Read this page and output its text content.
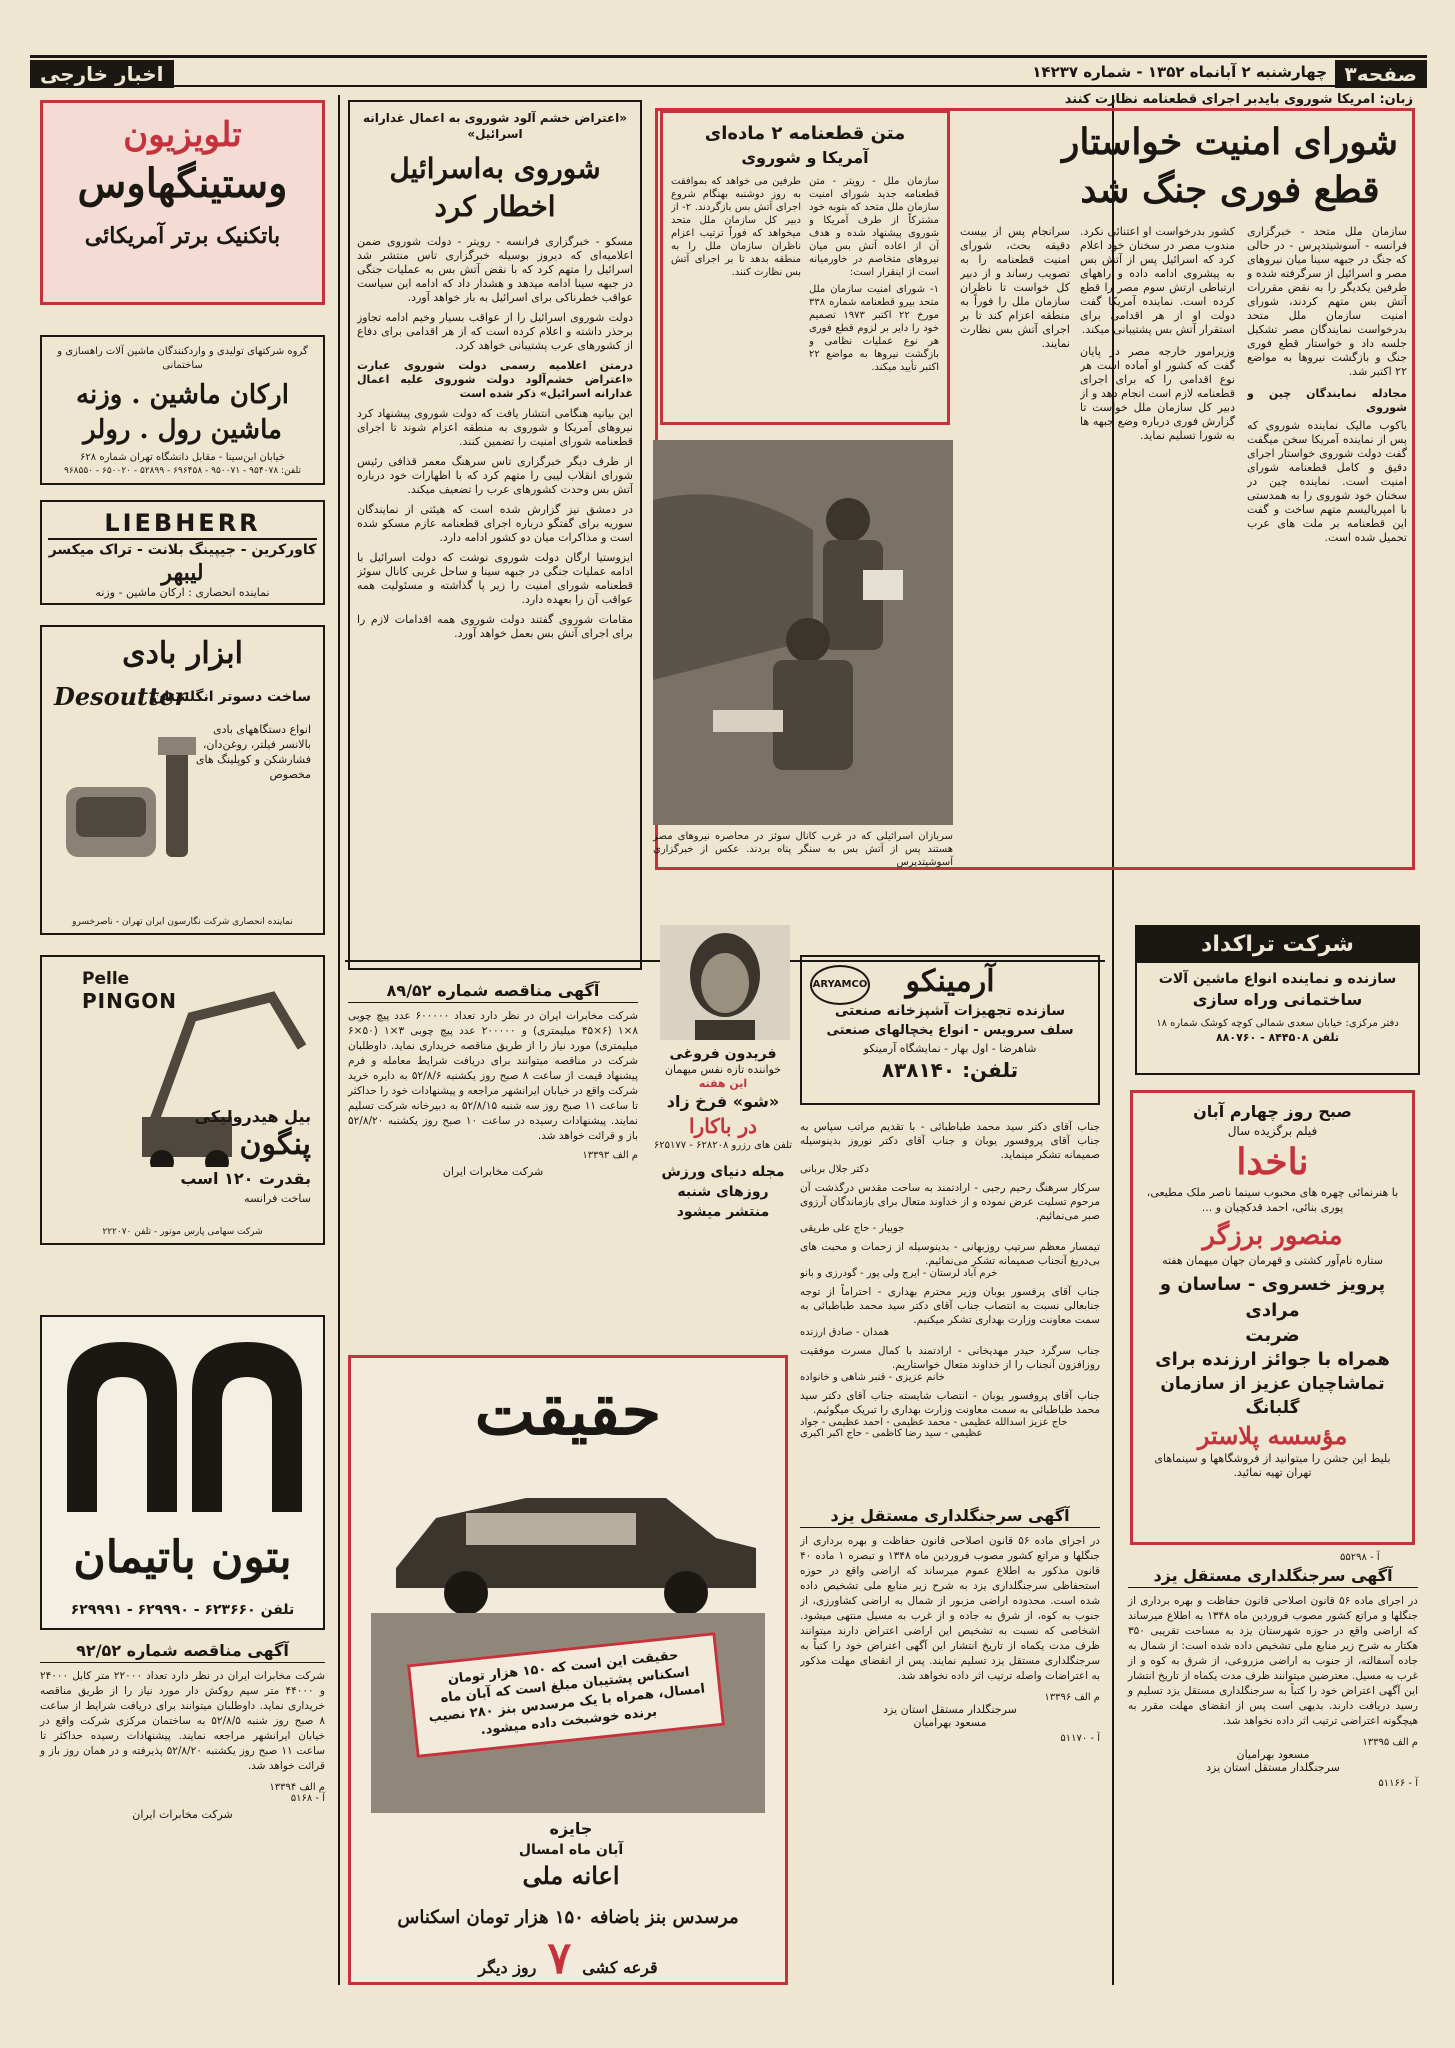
صفحه۳
چهارشنبه ۲ آبانماه ۱۳۵۲ - شماره ۱۴۲۳۷
اخبار خارجی
تلویزیون
وستینگهاوس
باتکنیک برتر آمریکائی
گروه شرکتهای تولیدی و واردکنندگان ماشین آلات راهسازی و ساختمانی
ارکان ماشین . وزنه
ماشین رول . رولر
خیابان ابن‌سینا - مقابل دانشگاه تهران شماره ۶۲۸
تلفن: ۹۵۴۰۷۸ - ۹۵۰۰۷۱ - ۶۹۶۴۵۸ - ۵۲۸۹۹ - ۶۵۰۰۲۰ - ۹۶۸۵۵۰
LIEBHERR
کاورکرین - جیپینگ بلانت - تراک میکسر
لیبهر
نماینده انحصاری : ارکان ماشین - وزنه
ابزار بادی
Desoutter
ساخت دسوتر انگلستان
انواع دستگاههای بادی بالانسر فیلتر، روغن‌دان، فشارشکن و کوپلینگ های مخصوص
نماینده انحصاری شرکت نگارسون ایران تهران - ناصرخسرو
Pelle
PINGON
بیل هیدرولیکی
پنگون
بقدرت ۱۲۰ اسب
ساخت فرانسه
شرکت سهامی پارس موتور - تلفن ۲۲۲۰۷۰
بتون باتیمان
تلفن ۶۲۳۶۶۰ - ۶۲۹۹۹۰ - ۶۲۹۹۹۱
آگهی مناقصه شماره ۹۲/۵۲
شرکت مخابرات ایران در نظر دارد تعداد ۲۲۰۰۰ متر کابل ۲۴۰۰۰ و ۴۴۰۰۰ متر سیم روکش دار مورد نیاز را از طریق مناقصه خریداری نماید. داوطلبان میتوانند برای دریافت شرایط از ساعت ۸ صبح روز شنبه ۵۲/۸/۵ به ساختمان مرکزی شرکت واقع در خیابان ایرانشهر مراجعه نمایند. پیشنهادات رسیده حداکثر تا ساعت ۱۱ صبح روز یکشنبه ۵۲/۸/۲۰ پذیرفته و در همان روز باز و قرائت خواهد شد.
م الف ۱۳۳۹۴
آ - ۵۱۶۸
شرکت مخابرات ایران
زبان: امریکا شوروی بایدبر اجرای قطعنامه نظارت کنند
شورای امنیت خواستار
قطع فوری جنگ شد

سازمان ملل متحد - خبرگزاری فرانسه - آسوشیتدپرس - در حالی که جنگ در جبهه سینا میان نیروهای مصر و اسرائیل از سرگرفته شده و طرفین یکدیگر را به نقض مقررات آتش بس متهم کردند، شورای امنیت سازمان ملل متحد بدرخواست نمایندگان مصر تشکیل جلسه داد و خواستار قطع فوری جنگ و بازگشت نیروها به مواضع ۲۲ اکتبر شد.

مجادله نمایندگان چین و شوروی

یاکوب مالیک نماینده شوروی که پس از نماینده آمریکا سخن میگفت گفت دولت شوروی خواستار اجرای دقیق و کامل قطعنامه شورای امنیت است. نماینده چین در سخنان خود شوروی را به همدستی با امپریالیسم متهم ساخت و گفت این قطعنامه بر ملت های عرب تحمیل شده است.

کشور بدرخواست او اعتنائی نکرد. مندوب مصر در سخنان خود اعلام کرد که اسرائیل پس از آتش بس به پیشروی ادامه داده و راههای ارتباطی ارتش سوم مصر را قطع کرده است. نماینده آمریکا گفت دولت او از هر اقدامی برای استقرار آتش بس پشتیبانی میکند.

وزیرامور خارجه مصر در پایان گفت که کشور او آماده است هر نوع اقدامی را که برای اجرای قطعنامه لازم است انجام دهد و از دبیر کل سازمان ملل خواست تا گزارش فوری درباره وضع جبهه ها به شورا تسلیم نماید.

سرانجام پس از بیست دقیقه بحث، شورای امنیت قطعنامه را به تصویب رساند و از دبیر کل خواست تا ناظران سازمان ملل را فوراً به منطقه اعزام کند تا بر اجرای آتش بس نظارت نمایند.

متن قطعنامه ۲ ماده‌ای
آمریکا و شوروی

سازمان ملل - رویتر - متن قطعنامه جدید شورای امنیت سازمان ملل متحد که بتوبه خود مشترکاً از طرف آمریکا و شوروی پیشنهاد شده و هدف آن از اعاده آتش بس میان نیروهای متخاصم در خاورمیانه است از اینقرار است:

۱- شورای امنیت سازمان ملل متحد بیرو قطعنامه شماره ۳۳۸ مورخ ۲۲ اکتبر ۱۹۷۳ تصمیم خود را دایر بر لزوم قطع فوری هر نوع عملیات نظامی و بازگشت نیروها به مواضع ۲۲ اکتبر تأیید میکند.

طرفین می خواهد که بموافقت به روز دوشنبه بهنگام شروع اجرای آتش بس بازگردند. ۲- از دبیر کل سازمان ملل متحد میخواهد که فوراً ترتیب اعزام ناظران سازمان ملل را به منطقه بدهد تا بر اجرای آتش بس نظارت کنند.

سربازان اسرائیلی که در غرب کانال سوئز در محاصره نیروهای مصر هستند پس از آتش بس به سنگر پناه بردند. عکس از خبرگزاری آسوشیتدپرس
«اعتراض خشم آلود شوروی به اعمال غدارانه اسرائیل»
شوروی به‌اسرائیل
اخطار کرد

مسکو - خبرگزاری فرانسه - رویتر - دولت شوروی ضمن اعلامیه‌ای که دیروز بوسیله خبرگزاری تاس منتشر شد اسرائیل را متهم کرد که با نقض آتش بس به عملیات جنگی در جبهه سینا ادامه میدهد و هشدار داد که ادامه این سیاست عواقب خطرناکی برای اسرائیل به بار خواهد آورد.

دولت شوروی اسرائیل را از عواقب بسیار وخیم ادامه تجاوز برحذر داشته و اعلام کرده است که از هر اقدامی برای دفاع از کشورهای عرب پشتیبانی خواهد کرد.

درمتن اعلامیه رسمی دولت شوروی عبارت «اعتراض خشم‌آلود دولت شوروی علیه اعمال غدارانه اسرائیل» ذکر شده است

این بیانیه هنگامی انتشار یافت که دولت شوروی پیشنهاد کرد نیروهای آمریکا و شوروی به منطقه اعزام شوند تا اجرای قطعنامه شورای امنیت را تضمین کنند.

از طرف دیگر خبرگزاری تاس سرهنگ معمر قذافی رئیس شورای انقلاب لیبی را متهم کرد که با اظهارات خود درباره آتش بس وحدت کشورهای عرب را تضعیف میکند.

در دمشق نیز گزارش شده است که هیئتی از نمایندگان سوریه برای گفتگو درباره اجرای قطعنامه عازم مسکو شده است و مذاکرات میان دو کشور ادامه دارد.

ایزوستیا ارگان دولت شوروی نوشت که دولت اسرائیل با ادامه عملیات جنگی در جبهه سینا و ساحل غربی کانال سوئز قطعنامه شورای امنیت را زیر پا گذاشته و مسئولیت همه عواقب آن را بعهده دارد.

مقامات شوروی گفتند دولت شوروی همه اقدامات لازم را برای اجرای آتش بس بعمل خواهد آورد.

شرکت تراکداد
سازنده و نماینده انواع ماشین آلات
ساختمانی وراه سازی
دفتر مرکزی: خیابان سعدی شمالی کوچه کوشک شماره ۱۸
تلفن ۸۴۴۵۰۸ - ۸۸۰۷۶۰
صبح روز چهارم آبان
فیلم برگزیده سال
ناخدا
با هنرنمائی چهره های محبوب سینما ناصر ملک مطیعی، پوری بنائی، احمد قدکچیان و ...
منصور برزگر
ستاره نام‌آور کشتی و قهرمان جهان میهمان هفته
پرویز خسروی - ساسان و مرادی
ضربت
همراه با جوائز ارزنده برای
تماشاچیان عزیز از سازمان گلبانگ
مؤسسه پلاستر
بلیط این جشن را میتوانید از فروشگاهها و سینماهای تهران تهیه نمائید.
آ - ۵۵۲۹۸
آگهی سرجنگلداری مستقل یزد

در اجرای ماده ۵۶ قانون اصلاحی قانون حفاظت و بهره برداری از جنگلها و مراتع کشور مصوب فروردین ماه ۱۳۴۸ به اطلاع میرساند که اراضی واقع در حوزه شهرستان یزد به مساحت تقریبی ۳۵۰ هکتار به شرح زیر منابع ملی تشخیص داده شده است: از شمال به جاده آسفالته، از جنوب به اراضی مزروعی، از شرق به کوه و از غرب به مسیل. معترضین میتوانند ظرف مدت یکماه از تاریخ انتشار این آگهی اعتراض خود را کتباً به سرجنگلداری مستقل یزد تسلیم و رسید دریافت دارند. بدیهی است پس از انقضای مهلت مقرر به هیچگونه اعتراضی ترتیب اثر داده نخواهد شد.

م الف ۱۳۳۹۵
مسعود بهرامیان
سرجنگلدار مستقل استان یزد
آ - ۵۱۱۶۶
ARYAMCO	آرمینکو
سازنده تجهیزات آشپزخانه صنعتی
سلف سرویس - انواع یخچالهای صنعتی
شاهرضا - اول بهار - نمایشگاه آرمینکو
تلفن: ۸۳۸۱۴۰
فریدون فروغی
خواننده تازه نفس میهمان
این هفته
«شو» فرخ زاد
در باکارا
تلفن های رزرو ۶۲۸۲۰۸ - ۶۲۵۱۷۷
مجله دنیای ورزش
روزهای شنبه
منتشر میشود
آگهی مناقصه شماره ۸۹/۵۲

شرکت مخابرات ایران در نظر دارد تعداد ۶۰۰۰۰۰ عدد پیچ چوبی ۸×۱ (۶×۴۵ میلیمتری) و ۲۰۰۰۰۰ عدد پیچ چوبی ۳×۱ (۵۰×۶ میلیمتری) مورد نیاز را از طریق مناقصه خریداری نماید. داوطلبان شرکت در مناقصه میتوانند برای دریافت شرایط معامله و فرم پیشنهاد قیمت از ساعت ۸ صبح روز یکشنبه ۵۲/۸/۶ به دایره خرید شرکت واقع در خیابان ایرانشهر مراجعه و پیشنهادات خود را حداکثر تا ساعت ۱۱ صبح روز سه شنبه ۵۲/۸/۱۵ به دبیرخانه شرکت تسلیم نمایند. پیشنهادات رسیده در ساعت ۱۰ صبح روز یکشنبه ۵۲/۸/۲۰ باز و قرائت خواهد شد.

م الف ۱۳۳۹۳
شرکت مخابرات ایران

جناب آقای دکتر سید محمد طباطبائی - با تقدیم مراتب سپاس به جناب آقای پروفسور یوبان و جناب آقای دکتر نوروز بدینوسیله صمیمانه تشکر مینماید.

دکتر جلال بربانی

سرکار سرهنگ رحیم رجبی - ارادتمند به ساحت مقدس درگذشت آن مرحوم تسلیت عرض نموده و از خداوند متعال برای بازماندگان آرزوی صبر می‌نمائیم.

جویبار - حاج علی طریقی

تیمسار معظم سرتیپ روزبهانی - بدینوسیله از زحمات و محبت های بی‌دریغ آنجناب صمیمانه تشکر می‌نمائیم.

خرم آباد لرستان - ایرج ولی پور - گودرزی و بانو

جناب آقای پرفسور یوبان وزیر محترم بهداری - احتراماً از توجه جنابعالی نسبت به انتصاب جناب آقای دکتر سید محمد طباطبائی به سمت معاونت وزارت بهداری تشکر میکنیم.

همدان - صادق ارزنده

جناب سرگرد حیدر مهدیخانی - ارادتمند با کمال مسرت موفقیت روزافزون آنجناب را از خداوند متعال خواستاریم.

خانم عزیزی - قنبر شاهی و خانواده

جناب آقای پروفسور یوبان - انتصاب شایسته جناب آقای دکتر سید محمد طباطبائی به سمت معاونت وزارت بهداری را تبریک میگوئیم.

حاج عزیز اسدالله عظیمی - محمد عظیمی - احمد عظیمی - جواد عظیمی - سید رضا کاظمی - حاج اکبر اکبری
آگهی سرجنگلداری مستقل یزد

در اجرای ماده ۵۶ قانون اصلاحی قانون حفاظت و بهره برداری از جنگلها و مراتع کشور مصوب فروردین ماه ۱۳۴۸ و تبصره ۱ ماده ۴۰ قانون مذکور به اطلاع عموم میرساند که اراضی واقع در حوزه استحفاظی سرجنگلداری یزد به شرح زیر منابع ملی تشخیص داده شده است. محدوده اراضی مزبور از شمال به اراضی کشاورزی، از جنوب به کوه، از شرق به جاده و از غرب به مسیل منتهی میشود. اشخاصی که نسبت به تشخیص این اراضی اعتراض دارند میتوانند ظرف مدت یکماه از تاریخ انتشار این آگهی اعتراض خود را کتباً به سرجنگلداری مستقل یزد تسلیم نمایند. پس از انقضای مهلت مذکور به اعتراضات واصله ترتیب اثر داده نخواهد شد.

م الف ۱۳۳۹۶
سرجنگلدار مستقل استان یزد
مسعود بهرامیان
آ - ۵۱۱۷۰
حقیقت
حقیقت این است که ۱۵۰ هزار تومان اسکناس پشتیبان مبلغ است که آبان ماه امسال، همراه با یک مرسدس بنز ۲۸۰ نصیب برنده خوشبخت داده میشود.
جایزه
آبان ماه امسال
اعانه ملی
مرسدس بنز باضافه ۱۵۰ هزار تومان اسکناس
قرعه کشی ۷ روز دیگر
